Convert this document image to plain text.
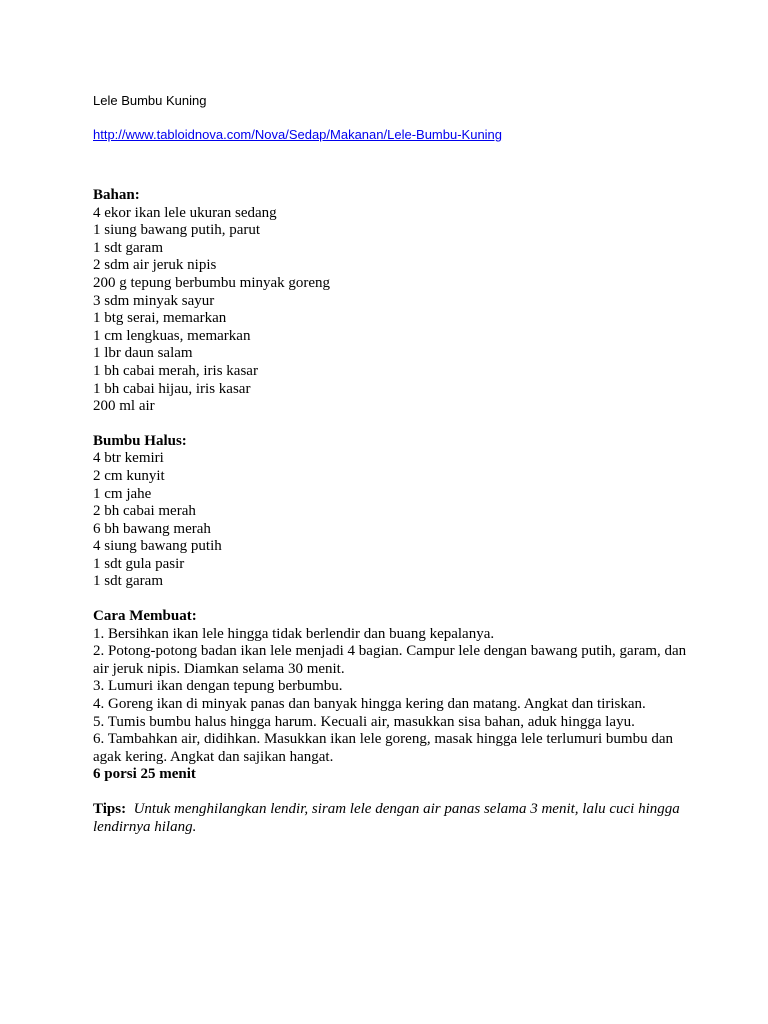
Lele Bumbu Kuning

http://www.tabloidnova.com/Nova/Sedap/Makanan/Lele-Bumbu-Kuning

Bahan:

4 ekor ikan lele ukuran sedang
1 siung bawang putih, parut
1 sdt garam
2 sdm air jeruk nipis
200 g tepung berbumbu minyak goreng
3 sdm minyak sayur
1 btg serai, memarkan
1 cm lengkuas, memarkan
1 lbr daun salam
1 bh cabai merah, iris kasar
1 bh cabai hijau, iris kasar
200 ml air

Bumbu Halus:

4 btr kemiri
2 cm kunyit
1 cm jahe
2 bh cabai merah
6 bh bawang merah
4 siung bawang putih
1 sdt gula pasir
1 sdt garam

Cara Membuat:

1. Bersihkan ikan lele hingga tidak berlendir dan buang kepalanya.
2. Potong-potong badan ikan lele menjadi 4 bagian. Campur lele dengan bawang putih, garam, dan air jeruk nipis. Diamkan selama 30 menit.
3. Lumuri ikan dengan tepung berbumbu.
4. Goreng ikan di minyak panas dan banyak hingga kering dan matang. Angkat dan tiriskan.
5. Tumis bumbu halus hingga harum. Kecuali air, masukkan sisa bahan, aduk hingga layu.
6. Tambahkan air, didihkan. Masukkan ikan lele goreng, masak hingga lele terlumuri bumbu dan agak kering. Angkat dan sajikan hangat.

6 porsi 25 menit

Tips: Untuk menghilangkan lendir, siram lele dengan air panas selama 3 menit, lalu cuci hingga lendirnya hilang.
